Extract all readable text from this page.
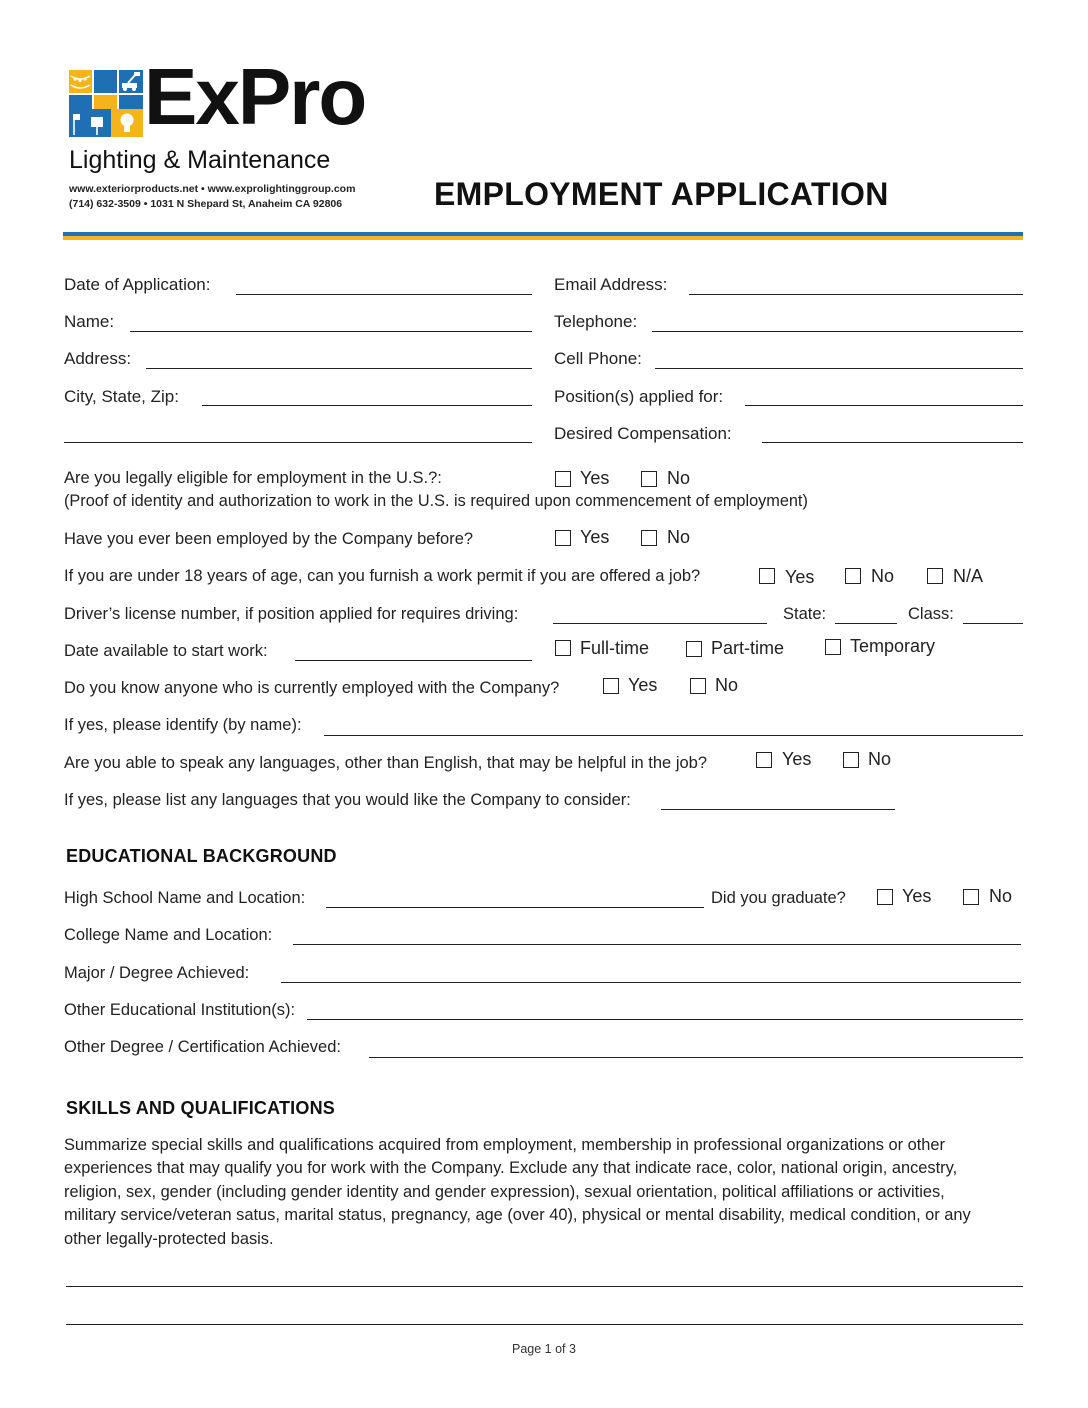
ExPro
Lighting & Maintenance
www.exteriorproducts.net • www.exprolightinggroup.com
(714) 632-3509 • 1031 N Shepard St, Anaheim CA 92806	EMPLOYMENT APPLICATION
Date of Application:	Email Address:
Name:	Telephone:
Address:	Cell Phone:
City, State, Zip:	Position(s) applied for:
Desired Compensation:
Are you legally eligible for employment in the U.S.?:	Yes	No
(Proof of identity and authorization to work in the U.S. is required upon commencement of employment)
Have you ever been employed by the Company before?	Yes	No
If you are under 18 years of age, can you furnish a work permit if you are offered a job?	Yes	No	N/A
Driver’s license number, if position applied for requires driving:	State:	Class:
Date available to start work:	Full-time	Part-time	Temporary
Do you know anyone who is currently employed with the Company?	Yes	No
If yes, please identify (by name):
Are you able to speak any languages, other than English, that may be helpful in the job?	Yes	No
If yes, please list any languages that you would like the Company to consider:
EDUCATIONAL BACKGROUND
High School Name and Location:	Did you graduate?	Yes	No
College Name and Location:
Major / Degree Achieved:
Other Educational Institution(s):
Other Degree / Certification Achieved:
SKILLS AND QUALIFICATIONS
Summarize special skills and qualifications acquired from employment, membership in professional organizations or other
experiences that may qualify you for work with the Company. Exclude any that indicate race, color, national origin, ancestry,
religion, sex, gender (including gender identity and gender expression), sexual orientation, political affiliations or activities,
military service/veteran satus, marital status, pregnancy, age (over 40), physical or mental disability, medical condition, or any
other legally-protected basis.
Page 1 of 3
